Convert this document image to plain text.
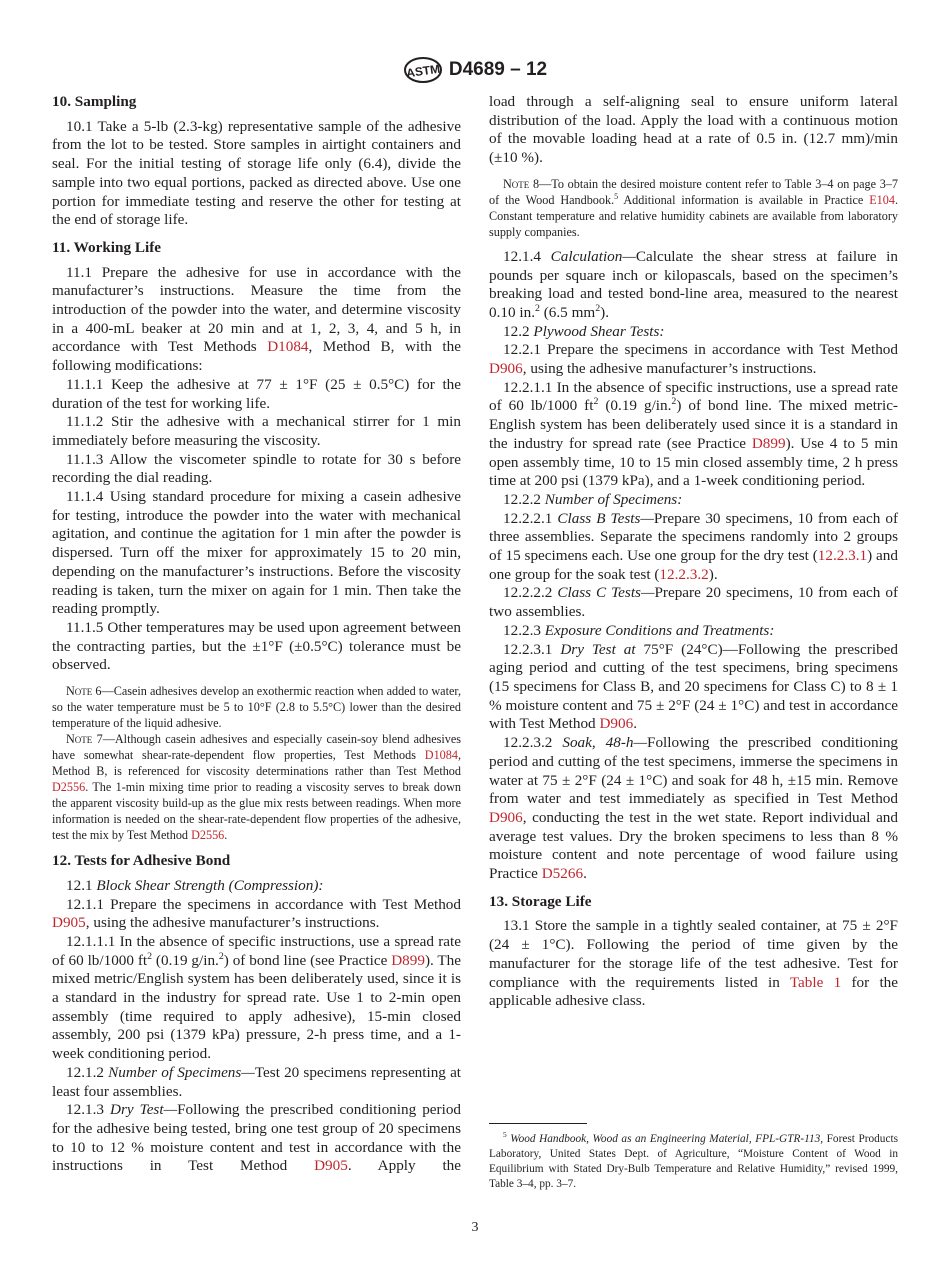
ASTM D4689 – 12
10. Sampling

10.1 Take a 5-lb (2.3-kg) representative sample of the adhesive from the lot to be tested. Store samples in airtight containers and seal. For the initial testing of storage life only (6.4), divide the sample into two equal portions, packed as directed above. Use one portion for immediate testing and reserve the other for testing at the end of storage life.

11. Working Life

11.1 Prepare the adhesive for use in accordance with the manufacturer’s instructions. Measure the time from the introduction of the powder into the water, and determine viscosity in a 400-mL beaker at 20 min and at 1, 2, 3, 4, and 5 h, in accordance with Test Methods D1084, Method B, with the following modifications:

11.1.1 Keep the adhesive at 77 ± 1°F (25 ± 0.5°C) for the duration of the test for working life.

11.1.2 Stir the adhesive with a mechanical stirrer for 1 min immediately before measuring the viscosity.

11.1.3 Allow the viscometer spindle to rotate for 30 s before recording the dial reading.

11.1.4 Using standard procedure for mixing a casein adhesive for testing, introduce the powder into the water with mechanical agitation, and continue the agitation for 1 min after the powder is dispersed. Turn off the mixer for approximately 15 to 20 min, depending on the manufacturer’s instructions. Before the viscosity reading is taken, turn the mixer on again for 1 min. Then take the reading promptly.

11.1.5 Other temperatures may be used upon agreement between the contracting parties, but the ±1°F (±0.5°C) tolerance must be observed.

Note 6—Casein adhesives develop an exothermic reaction when added to water, so the water temperature must be 5 to 10°F (2.8 to 5.5°C) lower than the desired temperature of the liquid adhesive.

Note 7—Although casein adhesives and especially casein-soy blend adhesives have somewhat shear-rate-dependent flow properties, Test Methods D1084, Method B, is referenced for viscosity determinations rather than Test Method D2556. The 1-min mixing time prior to reading a viscosity serves to break down the apparent viscosity build-up as the glue mix rests between readings. When more information is needed on the shear-rate-dependent flow properties of the adhesive, test the mix by Test Method D2556.

12. Tests for Adhesive Bond

12.1 Block Shear Strength (Compression):

12.1.1 Prepare the specimens in accordance with Test Method D905, using the adhesive manufacturer’s instructions.

12.1.1.1 In the absence of specific instructions, use a spread rate of 60 lb/1000 $ft^2$ (0.19 g/in.$^2$) of bond line (see Practice D899). The mixed metric/English system has been deliberately used, since it is a standard in the industry for spread rate. Use 1 to 2-min open assembly (time required to apply adhesive), 15-min closed assembly, 200 psi (1379 kPa) pressure, 2-h press time, and a 1-week conditioning period.

12.1.2 Number of Specimens—Test 20 specimens representing at least four assemblies.

12.1.3 Dry Test—Following the prescribed conditioning period for the adhesive being tested, bring one test group of 20 specimens to 10 to 12 % moisture content and test in accordance with the instructions in Test Method D905. Apply the

load through a self-aligning seal to ensure uniform lateral distribution of the load. Apply the load with a continuous motion of the movable loading head at a rate of 0.5 in. (12.7 mm)/min (±10 %).

Note 8—To obtain the desired moisture content refer to Table 3–4 on page 3–7 of the Wood Handbook.$^5$ Additional information is available in Practice E104. Constant temperature and relative humidity cabinets are available from laboratory supply companies.

12.1.4 Calculation—Calculate the shear stress at failure in pounds per square inch or kilopascals, based on the specimen’s breaking load and tested bond-line area, measured to the nearest 0.10 in.$^2$ (6.5 $mm^2$).

12.2 Plywood Shear Tests:

12.2.1 Prepare the specimens in accordance with Test Method D906, using the adhesive manufacturer’s instructions.

12.2.1.1 In the absence of specific instructions, use a spread rate of 60 lb/1000 $ft^2$ (0.19 g/in.$^2$) of bond line. The mixed metric-English system has been deliberately used since it is a standard in the industry for spread rate (see Practice D899). Use 4 to 5 min open assembly time, 10 to 15 min closed assembly time, 2 h press time at 200 psi (1379 kPa), and a 1-week conditioning period.

12.2.2 Number of Specimens:

12.2.2.1 Class B Tests—Prepare 30 specimens, 10 from each of three assemblies. Separate the specimens randomly into 2 groups of 15 specimens each. Use one group for the dry test (12.2.3.1) and one group for the soak test (12.2.3.2).

12.2.2.2 Class C Tests—Prepare 20 specimens, 10 from each of two assemblies.

12.2.3 Exposure Conditions and Treatments:

12.2.3.1 Dry Test at 75°F (24°C)—Following the prescribed aging period and cutting of the test specimens, bring specimens (15 specimens for Class B, and 20 specimens for Class C) to 8 ± 1 % moisture content and 75 ± 2°F (24 ± 1°C) and test in accordance with Test Method D906.

12.2.3.2 Soak, 48-h—Following the prescribed conditioning period and cutting of the test specimens, immerse the specimens in water at 75 ± 2°F (24 ± 1°C) and soak for 48 h, ±15 min. Remove from water and test immediately as specified in Test Method D906, conducting the test in the wet state. Report individual and average test values. Dry the broken specimens to less than 8 % moisture content and note percentage of wood failure using Practice D5266.

13. Storage Life

13.1 Store the sample in a tightly sealed container, at 75 ± 2°F (24 ± 1°C). Following the period of time given by the manufacturer for the storage life of the test adhesive. Test for compliance with the requirements listed in Table 1 for the applicable adhesive class.

$^5$ Wood Handbook, Wood as an Engineering Material, FPL-GTR-113, Forest Products Laboratory, United States Dept. of Agriculture, “Moisture Content of Wood in Equilibrium with Stated Dry-Bulb Temperature and Relative Humidity,” revised 1999, Table 3–4, pp. 3–7.
3
